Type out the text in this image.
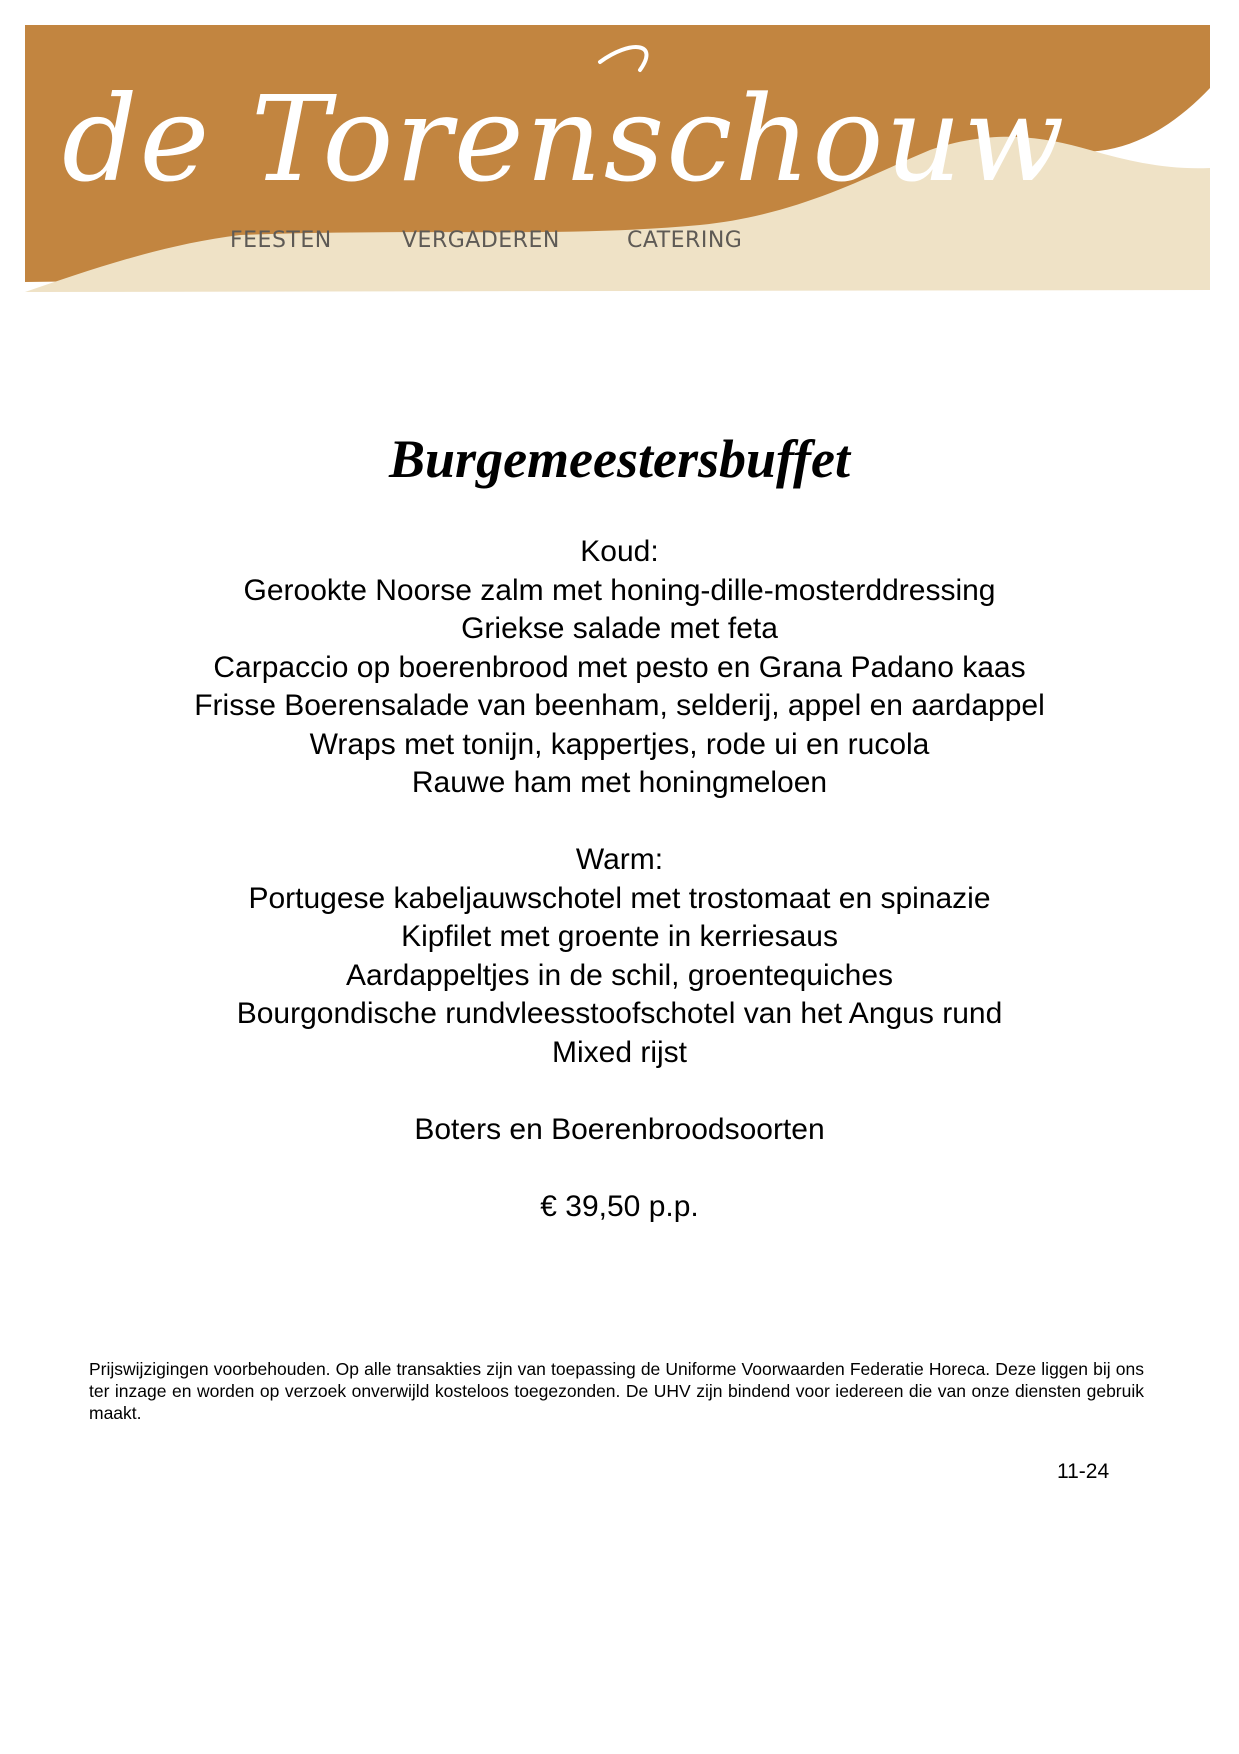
de Torenschouw
FEESTEN	VERGADEREN	CATERING
Burgemeestersbuffet
Koud:
Gerookte Noorse zalm met honing-dille-mosterddressing
Griekse salade met feta
Carpaccio op boerenbrood met pesto en Grana Padano kaas
Frisse Boerensalade van beenham, selderij, appel en aardappel
Wraps met tonijn, kappertjes, rode ui en rucola
Rauwe ham met honingmeloen
Warm:
Portugese kabeljauwschotel met trostomaat en spinazie
Kipfilet met groente in kerriesaus
Aardappeltjes in de schil, groentequiches
Bourgondische rundvleesstoofschotel van het Angus rund
Mixed rijst
Boters en Boerenbroodsoorten
€ 39,50 p.p.
Prijswijzigingen voorbehouden. Op alle transakties zijn van toepassing de Uniforme Voorwaarden Federatie Horeca. Deze liggen bij ons ter inzage en worden op verzoek onverwijld kosteloos toegezonden. De UHV zijn bindend voor iedereen die van onze diensten gebruik maakt.
11-24
